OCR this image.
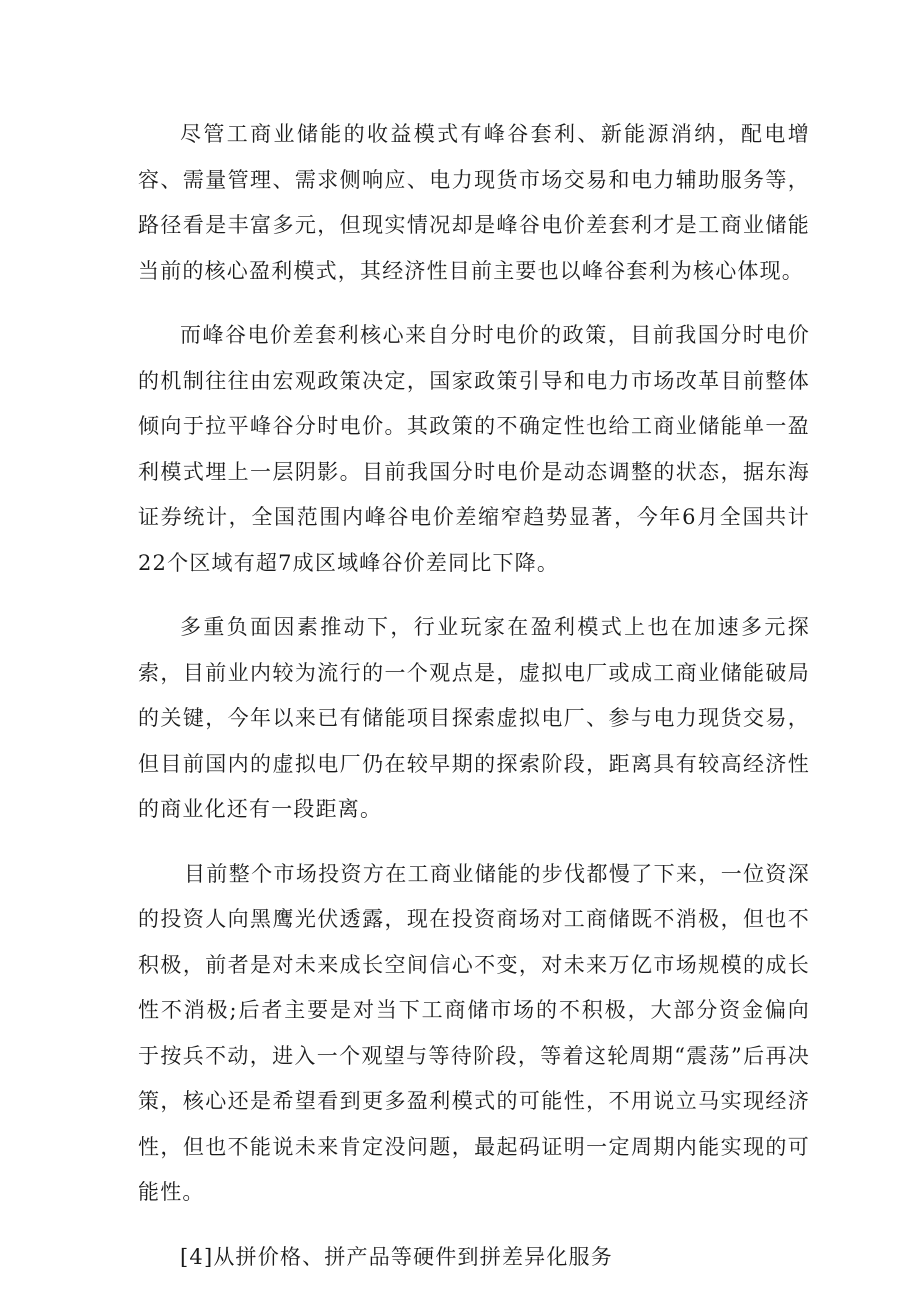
尽管工商业储能的收益模式有峰谷套利、新能源消纳，配电增容、需量管理、需求侧响应、电力现货市场交易和电力辅助服务等，路径看是丰富多元，但现实情况却是峰谷电价差套利才是工商业储能当前的核心盈利模式，其经济性目前主要也以峰谷套利为核心体现。

而峰谷电价差套利核心来自分时电价的政策，目前我国分时电价的机制往往由宏观政策决定，国家政策引导和电力市场改革目前整体倾向于拉平峰谷分时电价。其政策的不确定性也给工商业储能单一盈利模式埋上一层阴影。目前我国分时电价是动态调整的状态，据东海证券统计，全国范围内峰谷电价差缩窄趋势显著，今年6月全国共计22个区域有超7成区域峰谷价差同比下降。

多重负面因素推动下，行业玩家在盈利模式上也在加速多元探索，目前业内较为流行的一个观点是，虚拟电厂或成工商业储能破局的关键，今年以来已有储能项目探索虚拟电厂、参与电力现货交易，但目前国内的虚拟电厂仍在较早期的探索阶段，距离具有较高经济性的商业化还有一段距离。

目前整个市场投资方在工商业储能的步伐都慢了下来，一位资深的投资人向黑鹰光伏透露，现在投资商场对工商储既不消极，但也不积极，前者是对未来成长空间信心不变，对未来万亿市场规模的成长性不消极;后者主要是对当下工商储市场的不积极，大部分资金偏向于按兵不动，进入一个观望与等待阶段，等着这轮周期“震荡”后再决策，核心还是希望看到更多盈利模式的可能性，不用说立马实现经济性，但也不能说未来肯定没问题，最起码证明一定周期内能实现的可能性。

[4]从拼价格、拼产品等硬件到拼差异化服务
